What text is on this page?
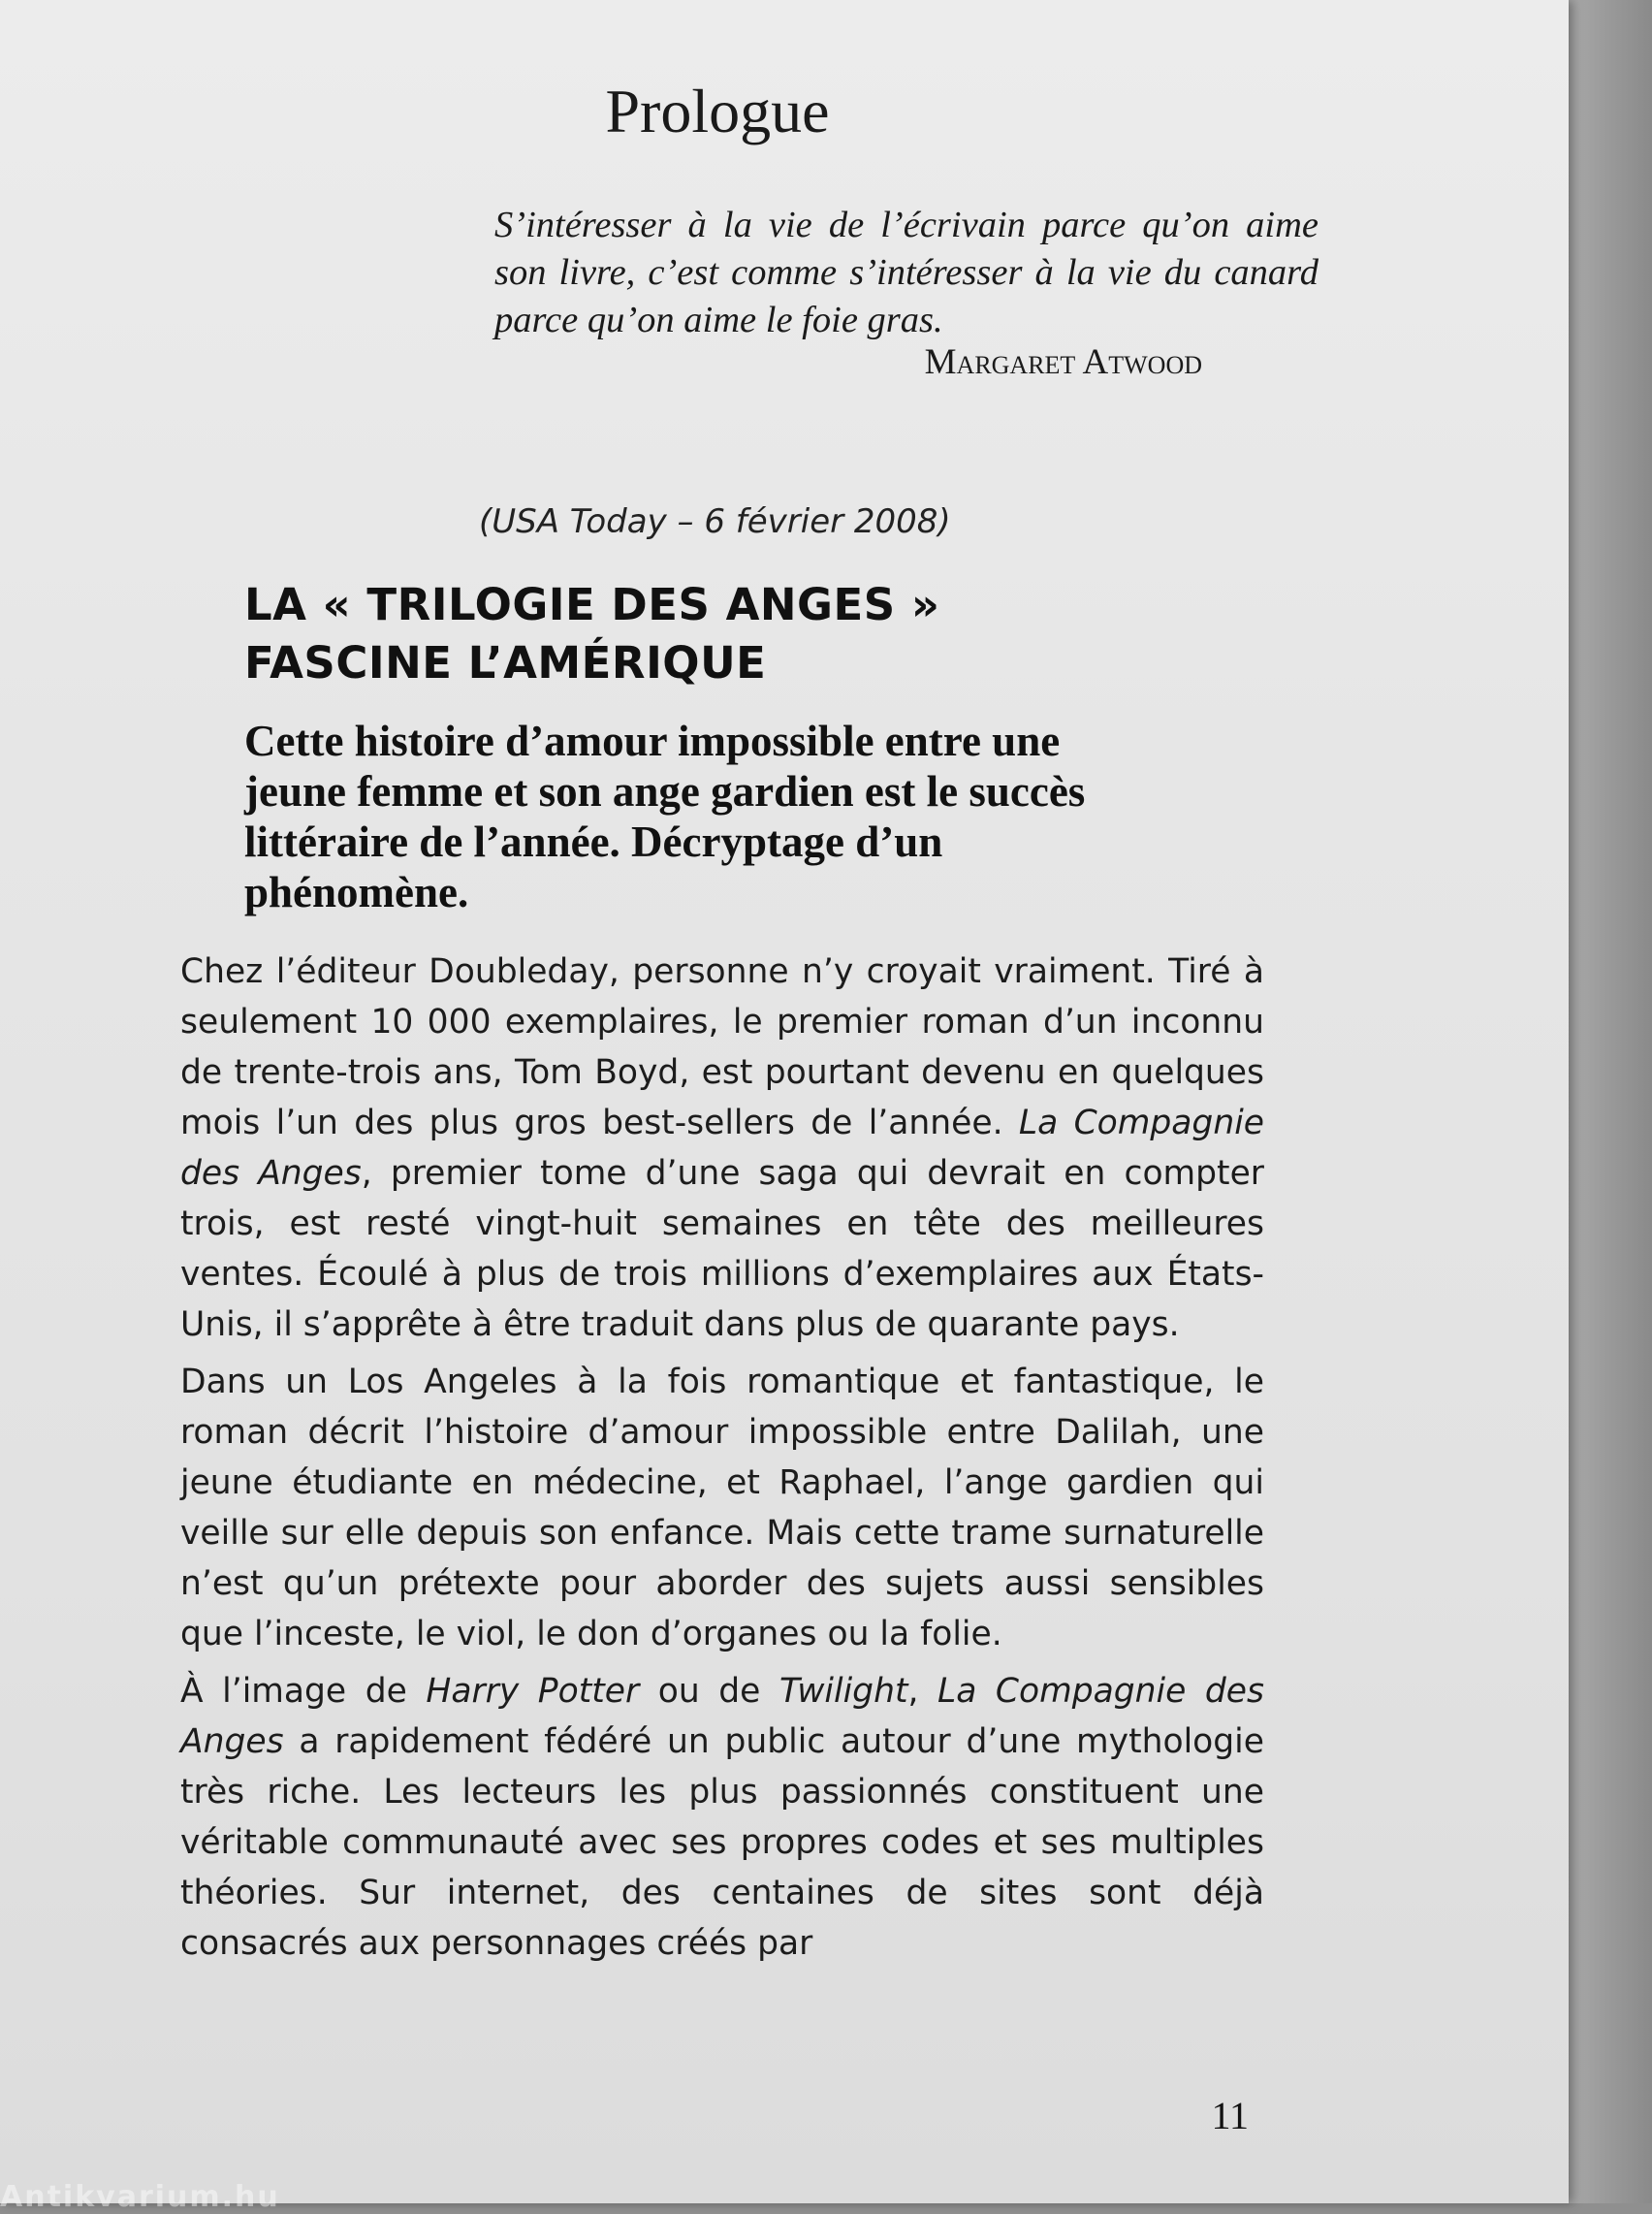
Prologue
S’intéresser à la vie de l’écrivain parce qu’on aime son livre, c’est comme s’intéresser à la vie du canard parce qu’on aime le foie gras.
Margaret Atwood
(USA Today – 6 février 2008)
LA « TRILOGIE DES ANGES »
FASCINE L’AMÉRIQUE

Cette histoire d’amour impossible entre une jeune femme et son ange gardien est le succès littéraire de l’année. Décryptage d’un phénomène.

Chez l’éditeur Doubleday, personne n’y croyait vraiment. Tiré à seulement 10 000 exemplaires, le premier roman d’un inconnu de trente-trois ans, Tom Boyd, est pourtant devenu en quelques mois l’un des plus gros best-sellers de l’année. La Compagnie des Anges, premier tome d’une saga qui devrait en compter trois, est resté vingt-huit semaines en tête des meilleures ventes. Écoulé à plus de trois millions d’exemplaires aux États-Unis, il s’apprête à être traduit dans plus de quarante pays.

Dans un Los Angeles à la fois romantique et fantastique, le roman décrit l’histoire d’amour impossible entre Dalilah, une jeune étudiante en médecine, et Raphael, l’ange gardien qui veille sur elle depuis son enfance. Mais cette trame surnaturelle n’est qu’un prétexte pour aborder des sujets aussi sensibles que l’inceste, le viol, le don d’organes ou la folie.

À l’image de Harry Potter ou de Twilight, La Compagnie des Anges a rapidement fédéré un public autour d’une mythologie très riche. Les lecteurs les plus passionnés constituent une véritable communauté avec ses propres codes et ses multiples théories. Sur internet, des centaines de sites sont déjà consacrés aux personnages créés par

11
Antikvarium.hu
